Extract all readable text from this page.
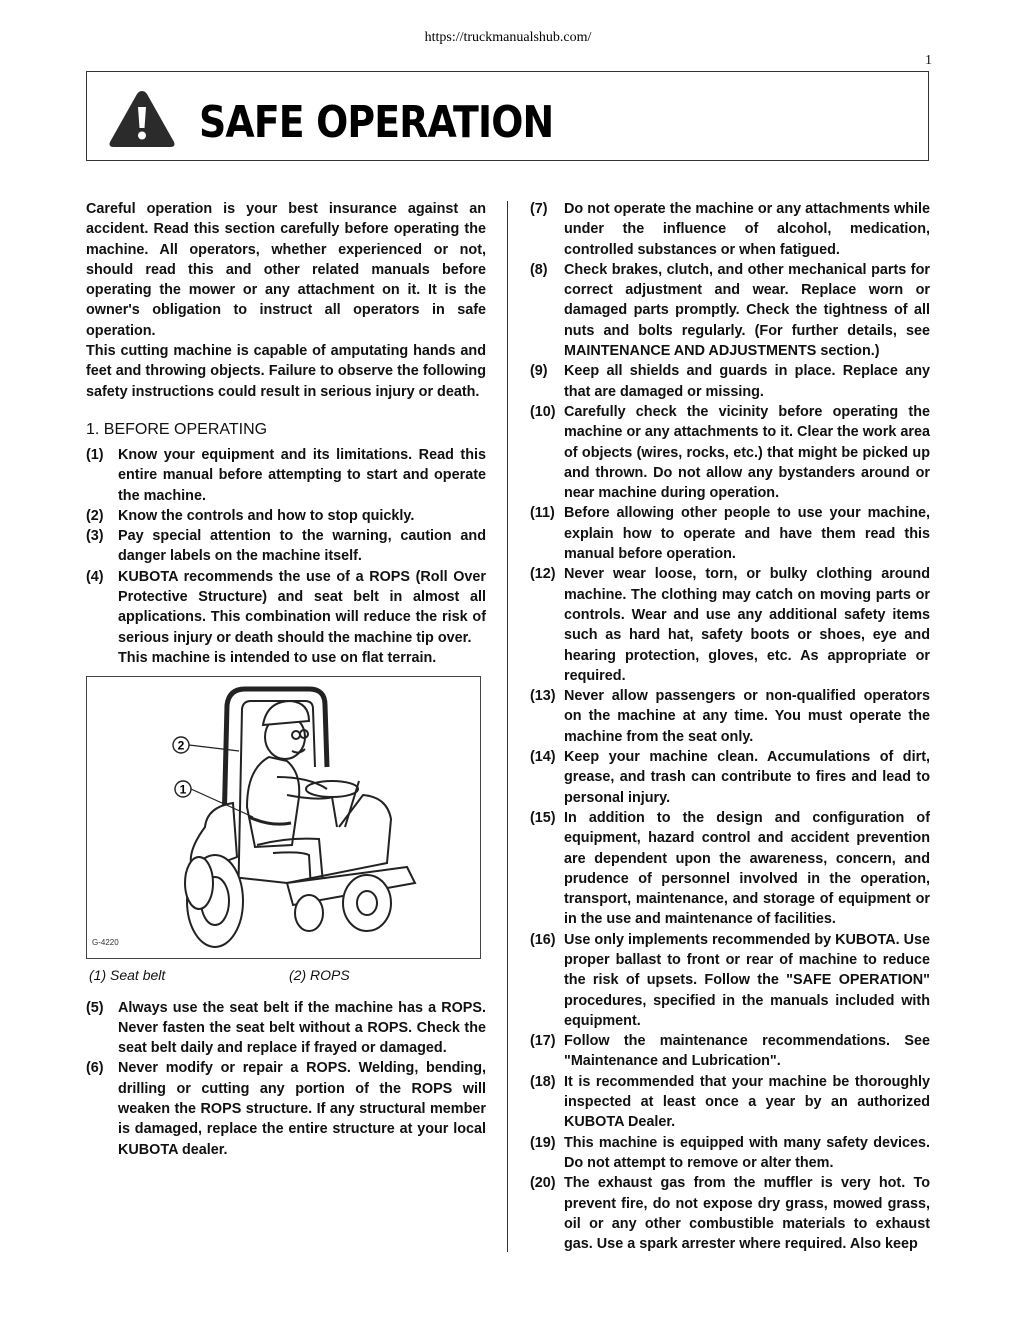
https://truckmanualshub.com/
1
SAFE OPERATION

Careful operation is your best insurance against an accident. Read this section carefully before operating the machine. All operators, whether experienced or not, should read this and other related manuals before operating the mower or any attachment on it. It is the owner's obligation to instruct all operators in safe operation.

This cutting machine is capable of amputating hands and feet and throwing objects. Failure to observe the following safety instructions could result in serious injury or death.

1. BEFORE OPERATING
(1)	Know your equipment and its limitations. Read this entire manual before attempting to start and operate the machine.
(2)	Know the controls and how to stop quickly.
(3)	Pay special attention to the warning, caution and danger labels on the machine itself.
(4)	KUBOTA recommends the use of a ROPS (Roll Over Protective Structure) and seat belt in almost all applications. This combination will reduce the risk of serious injury or death should the machine tip over.

This machine is intended to use on flat terrain.

2
1
G-4220
(1) Seat belt	(2) ROPS
(5)	Always use the seat belt if the machine has a ROPS. Never fasten the seat belt without a ROPS. Check the seat belt daily and replace if frayed or damaged.
(6)	Never modify or repair a ROPS. Welding, bending, drilling or cutting any portion of the ROPS will weaken the ROPS structure. If any structural member is damaged, replace the entire structure at your local KUBOTA dealer.
(7)	Do not operate the machine or any attachments while under the influence of alcohol, medication, controlled substances or when fatigued.
(8)	Check brakes, clutch, and other mechanical parts for correct adjustment and wear. Replace worn or damaged parts promptly. Check the tightness of all nuts and bolts regularly. (For further details, see MAINTENANCE AND ADJUSTMENTS section.)
(9)	Keep all shields and guards in place. Replace any that are damaged or missing.
(10) Carefully check the vicinity before operating the machine or any attachments to it. Clear the work area of objects (wires, rocks, etc.) that might be picked up and thrown. Do not allow any bystanders around or near machine during operation.
(11) Before allowing other people to use your machine, explain how to operate and have them read this manual before operation.
(12) Never wear loose, torn, or bulky clothing around machine. The clothing may catch on moving parts or controls. Wear and use any additional safety items such as hard hat, safety boots or shoes, eye and hearing protection, gloves, etc. As appropriate or required.
(13) Never allow passengers or non-qualified operators on the machine at any time. You must operate the machine from the seat only.
(14) Keep your machine clean. Accumulations of dirt, grease, and trash can contribute to fires and lead to personal injury.
(15) In addition to the design and configuration of equipment, hazard control and accident prevention are dependent upon the awareness, concern, and prudence of personnel involved in the operation, transport, maintenance, and storage of equipment or in the use and maintenance of facilities.
(16) Use only implements recommended by KUBOTA. Use proper ballast to front or rear of machine to reduce the risk of upsets. Follow the "SAFE OPERATION" procedures, specified in the manuals included with equipment.
(17) Follow the maintenance recommendations. See "Maintenance and Lubrication".
(18) It is recommended that your machine be thoroughly inspected at least once a year by an authorized KUBOTA Dealer.
(19) This machine is equipped with many safety devices. Do not attempt to remove or alter them.
(20) The exhaust gas from the muffler is very hot. To prevent fire, do not expose dry grass, mowed grass, oil or any other combustible materials to exhaust gas. Use a spark arrester where required. Also keep
